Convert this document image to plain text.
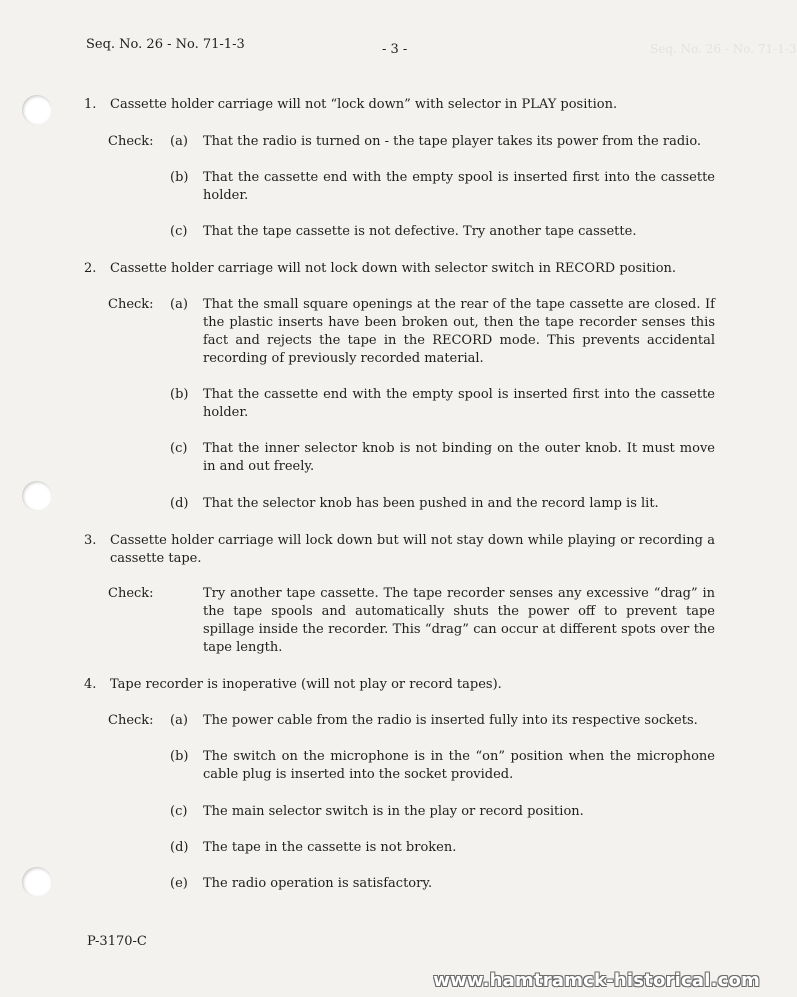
Seq. No. 26 - No. 71-1-3
Seq. No. 26 - No. 71-1-3	- 3 -
1. Cassette holder carriage will not “lock down” with selector in PLAY position.
Check: (a) That the radio is turned on - the tape player takes its power from the radio.
(b) That the cassette end with the empty spool is inserted first into the cassette holder.
(c) That the tape cassette is not defective. Try another tape cassette.
2. Cassette holder carriage will not lock down with selector switch in RECORD position.
Check: (a) That the small square openings at the rear of the tape cassette are closed. If the plastic inserts have been broken out, then the tape recorder senses this fact and rejects the tape in the RECORD mode. This prevents accidental recording of previously recorded material.
(b) That the cassette end with the empty spool is inserted first into the cassette holder.
(c) That the inner selector knob is not binding on the outer knob. It must move in and out freely.
(d) That the selector knob has been pushed in and the record lamp is lit.
3. Cassette holder carriage will lock down but will not stay down while playing or recording a cassette tape.
Check:	Try another tape cassette. The tape recorder senses any excessive “drag” in the tape spools and automatically shuts the power off to prevent tape spillage inside the recorder. This “drag” can occur at different spots over the tape length.
4. Tape recorder is inoperative (will not play or record tapes).
Check: (a) The power cable from the radio is inserted fully into its respective sockets.
(b) The switch on the microphone is in the “on” position when the microphone cable plug is inserted into the socket provided.
(c) The main selector switch is in the play or record position.
(d) The tape in the cassette is not broken.
(e) The radio operation is satisfactory.
P-3170-C
www.hamtramck-historical.com
